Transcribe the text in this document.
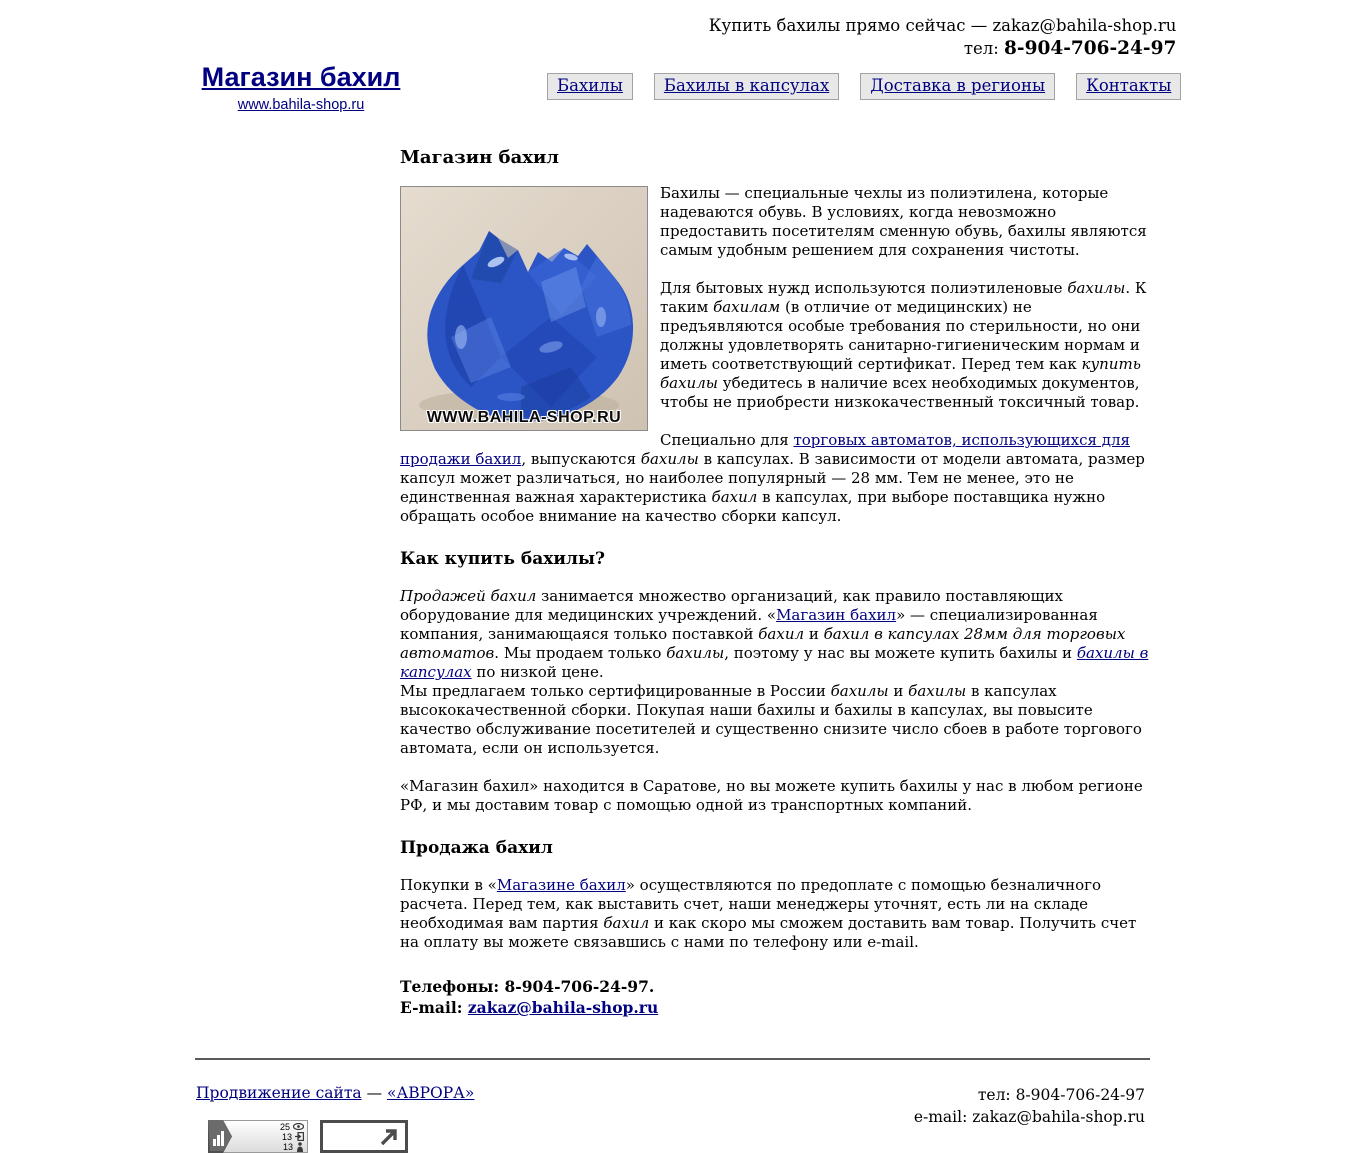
Магазин бахил
www.bahila-shop.ru
Купить бахилы прямо сейчас — zakaz@bahila-shop.ru
тел: 8-904-706-24-97
Бахилы	Бахилы в капсулах	Доставка в регионы	Контакты
Магазин бахил
WWW.BAHILA-SHOP.RU

Бахилы — специальные чехлы из полиэтилена, которые надеваются обувь. В условиях, когда невозможно предоставить посетителям сменную обувь, бахилы являются самым удобным решением для сохранения чистоты.

Для бытовых нужд используются полиэтиленовые бахилы. К таким бахилам (в отличие от медицинских) не предъявляются особые требования по стерильности, но они должны удовлетворять санитарно-гигиеническим нормам и иметь соответствующий сертификат. Перед тем как купить бахилы убедитесь в наличие всех необходимых документов, чтобы не приобрести низкокачественный токсичный товар.

Специально для торговых автоматов, использующихся для продажи бахил, выпускаются бахилы в капсулах. В зависимости от модели автомата, размер капсул может различаться, но наиболее популярный — 28 мм. Тем не менее, это не единственная важная характеристика бахил в капсулах, при выборе поставщика нужно обращать особое внимание на качество сборки капсул.

Как купить бахилы?

Продажей бахил занимается множество организаций, как правило поставляющих оборудование для медицинских учреждений. «Магазин бахил» — специализированная компания, занимающаяся только поставкой бахил и бахил в капсулах 28мм для торговых автоматов. Мы продаем только бахилы, поэтому у нас вы можете купить бахилы и бахилы в капсулах по низкой цене.
Мы предлагаем только сертифицированные в России бахилы и бахилы в капсулах высококачественной сборки. Покупая наши бахилы и бахилы в капсулах, вы повысите качество обслуживание посетителей и существенно снизите число сбоев в работе торгового автомата, если он используется.

«Магазин бахил» находится в Саратове, но вы можете купить бахилы у нас в любом регионе РФ, и мы доставим товар с помощью одной из транспортных компаний.

Продажа бахил

Покупки в «Магазине бахил» осуществляются по предоплате с помощью безналичного расчета. Перед тем, как выставить счет, наши менеджеры уточнят, есть ли на складе необходимая вам партия бахил и как скоро мы сможем доставить вам товар. Получить счет на оплату вы можете связавшись с нами по телефону или e-mail.

Телефоны: 8-904-706-24-97.
E-mail: zakaz@bahila-shop.ru
Продвижение сайта — «АВРОРА»
25
13
13
тел: 8-904-706-24-97
e-mail: zakaz@bahila-shop.ru
